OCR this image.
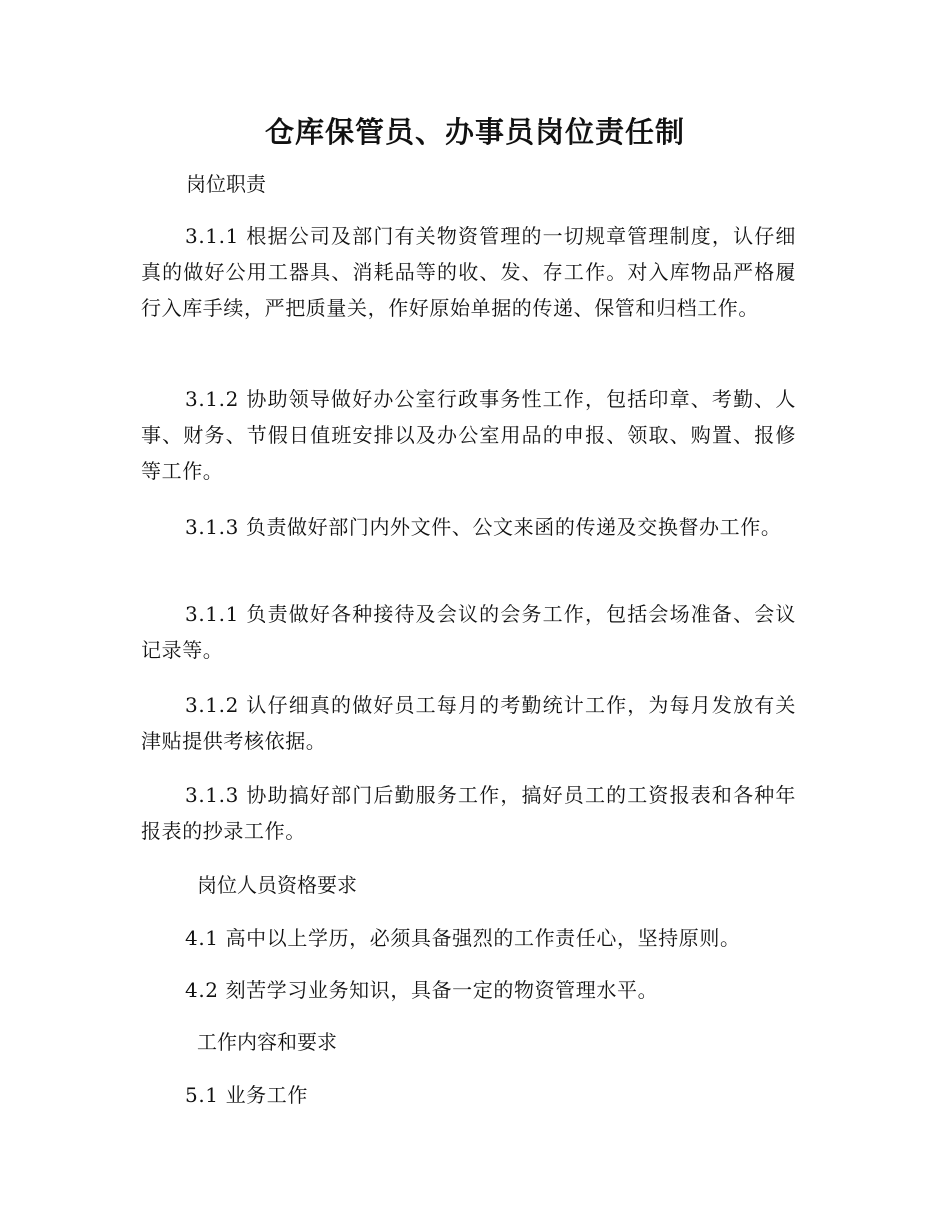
仓库保管员、办事员岗位责任制

岗位职责

3.1.1 根据公司及部门有关物资管理的一切规章管理制度，认仔细真的做好公用工器具、消耗品等的收、发、存工作。对入库物品严格履行入库手续，严把质量关，作好原始单据的传递、保管和归档工作。

3.1.2 协助领导做好办公室行政事务性工作，包括印章、考勤、人事、财务、节假日值班安排以及办公室用品的申报、领取、购置、报修等工作。

3.1.3 负责做好部门内外文件、公文来函的传递及交换督办工作。

3.1.1 负责做好各种接待及会议的会务工作，包括会场准备、会议记录等。

3.1.2 认仔细真的做好员工每月的考勤统计工作，为每月发放有关津贴提供考核依据。

3.1.3 协助搞好部门后勤服务工作，搞好员工的工资报表和各种年报表的抄录工作。

岗位人员资格要求

4.1 高中以上学历，必须具备强烈的工作责任心，坚持原则。

4.2 刻苦学习业务知识，具备一定的物资管理水平。

工作内容和要求

5.1 业务工作
